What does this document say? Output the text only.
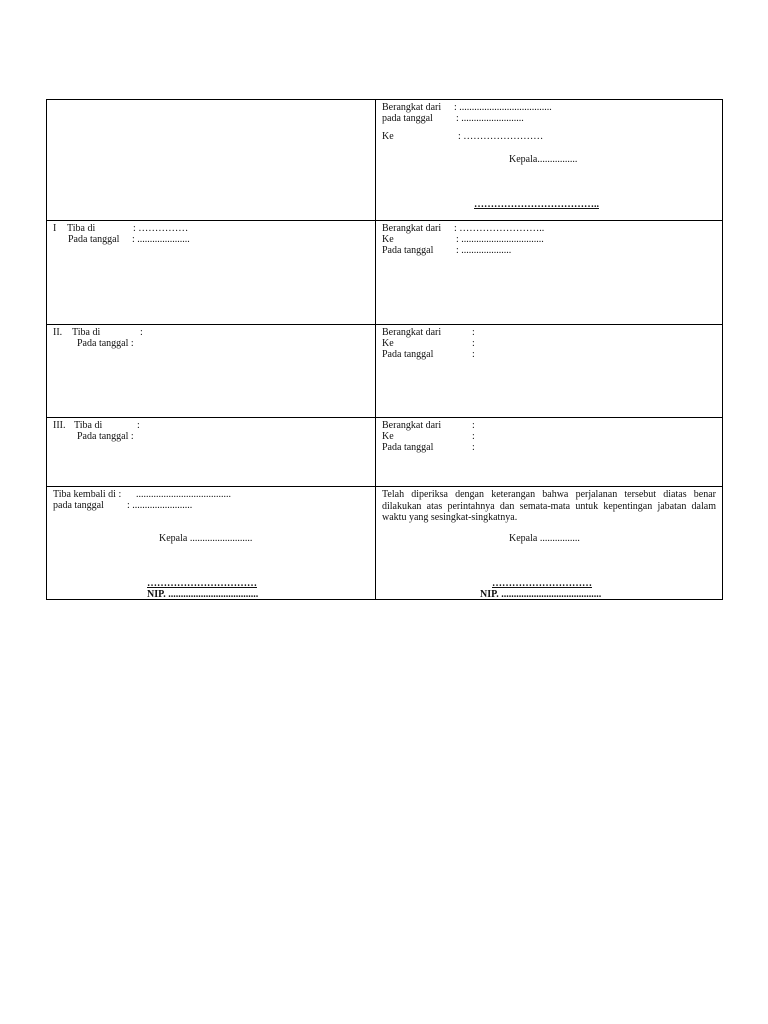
Berangkat dari : .....................................
pada tanggal : .........................
Ke	: ……………………
Kepala................
………………………………..
I Tiba di	: ……………
Pada tanggal : .....................
Berangkat dari : ……………………..
Ke	: .................................
Pada tanggal : ....................
II. Tiba di	:
Pada tanggal :
Berangkat dari	:
Ke	:
Pada tanggal	:
III. Tiba di	:
Pada tanggal :
Berangkat dari	:
Ke	:
Pada tanggal	:
Tiba kembali di : ......................................
pada tanggal : ........................
Kepala .........................
……………………………
NIP. ....................................
Telah diperiksa dengan keterangan bahwa perjalanan tersebut diatas benar dilakukan atas perintahnya dan semata-mata untuk kepentingan jabatan dalam waktu yang sesingkat-singkatnya.
Kepala ................
…………………………
NIP. ........................................
